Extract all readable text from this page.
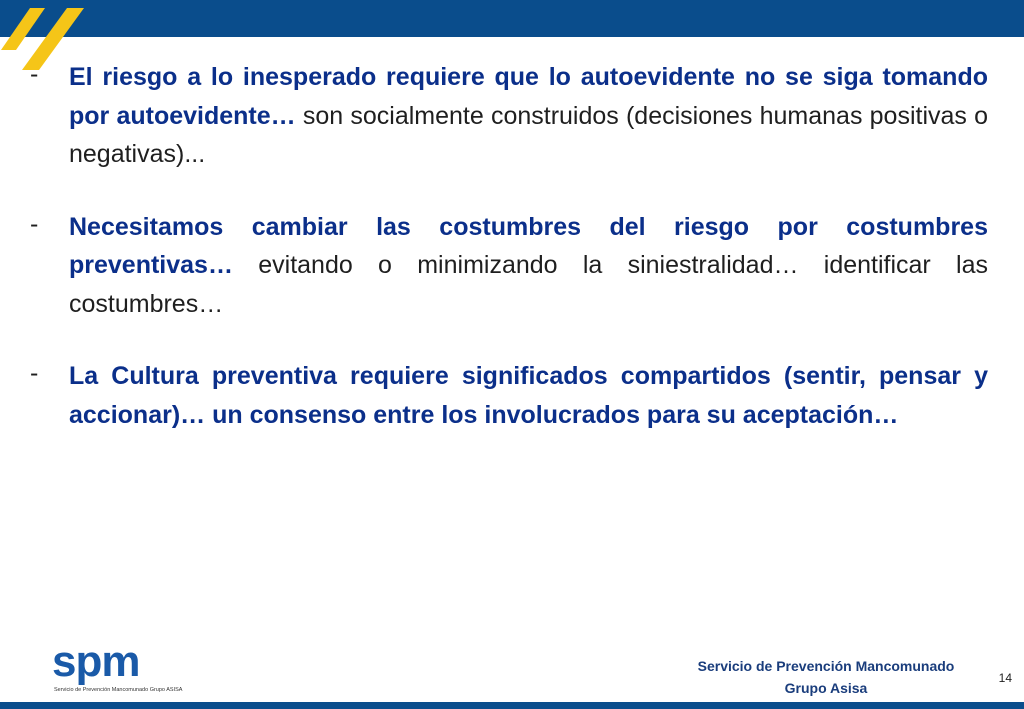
- El riesgo a lo inesperado requiere que lo autoevidente no se siga tomando por autoevidente… son socialmente construidos (decisiones humanas positivas o negativas)...
- Necesitamos cambiar las costumbres del riesgo por costumbres preventivas… evitando o minimizando la siniestralidad… identificar las costumbres…
- La Cultura preventiva requiere significados compartidos (sentir, pensar y accionar)… un consenso entre los involucrados para su aceptación…
spm
Servicio de Prevención Mancomunado Grupo ASISA
Servicio de Prevención Mancomunado
Grupo Asisa
14
